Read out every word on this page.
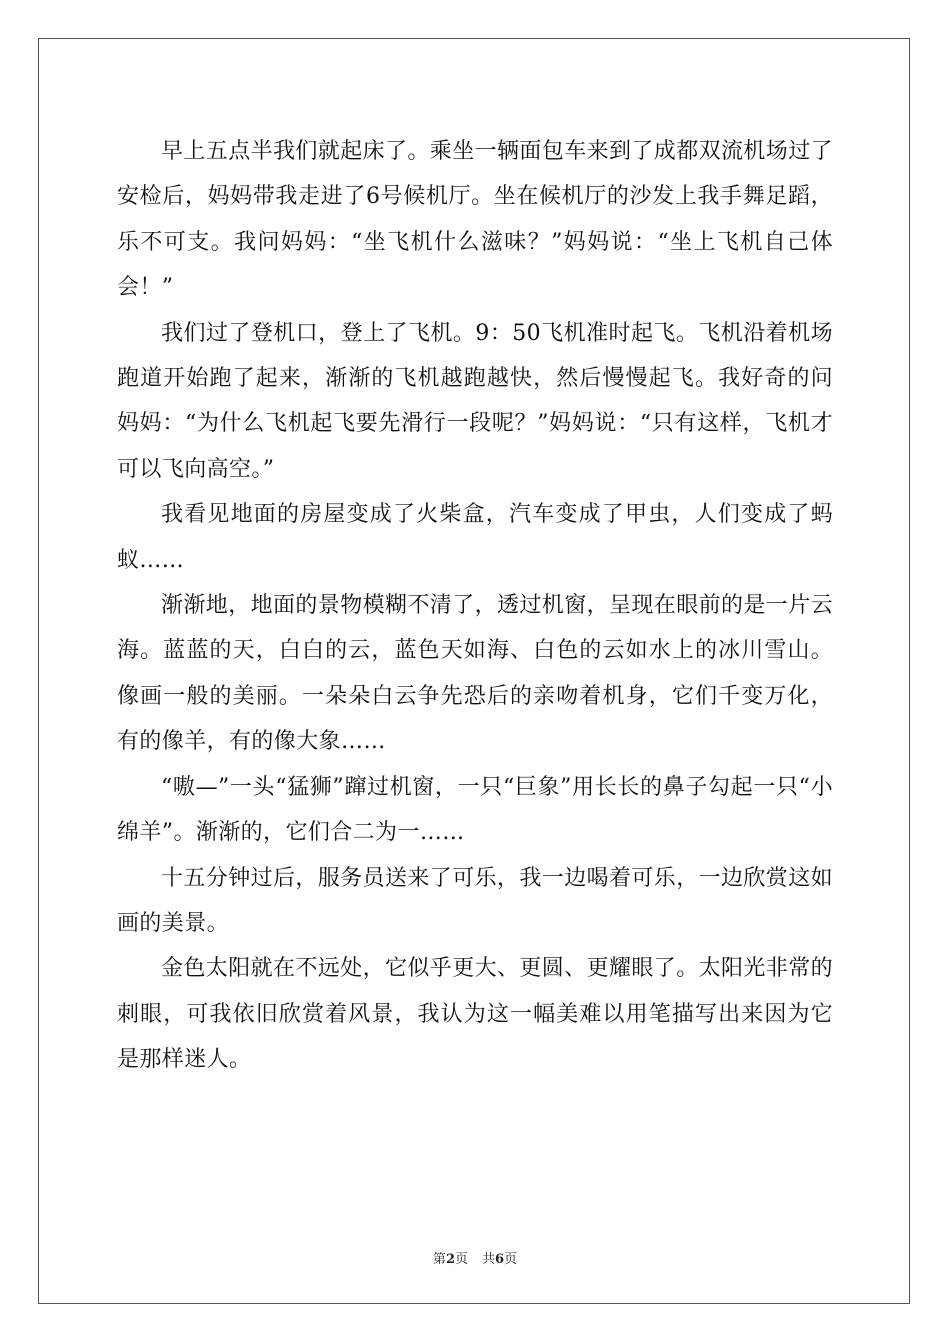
早上五点半我们就起床了。乘坐一辆面包车来到了成都双流机场过了安检后，妈妈带我走进了6号候机厅。坐在候机厅的沙发上我手舞足蹈，乐不可支。我问妈妈：“坐飞机什么滋味？”妈妈说：“坐上飞机自己体会！”

我们过了登机口，登上了飞机。9：50飞机准时起飞。飞机沿着机场跑道开始跑了起来，渐渐的飞机越跑越快，然后慢慢起飞。我好奇的问妈妈：“为什么飞机起飞要先滑行一段呢？”妈妈说：“只有这样，飞机才可以飞向高空。”

我看见地面的房屋变成了火柴盒，汽车变成了甲虫，人们变成了蚂蚁……

渐渐地，地面的景物模糊不清了，透过机窗，呈现在眼前的是一片云海。蓝蓝的天，白白的云，蓝色天如海、白色的云如水上的冰川雪山。像画一般的美丽。一朵朵白云争先恐后的亲吻着机身，它们千变万化，有的像羊，有的像大象……

“嗷—”一头“猛狮”蹿过机窗，一只“巨象”用长长的鼻子勾起一只“小绵羊”。渐渐的，它们合二为一……

十五分钟过后，服务员送来了可乐，我一边喝着可乐，一边欣赏这如画的美景。

金色太阳就在不远处，它似乎更大、更圆、更耀眼了。太阳光非常的刺眼，可我依旧欣赏着风景，我认为这一幅美难以用笔描写出来因为它是那样迷人。

第2页 共6页
